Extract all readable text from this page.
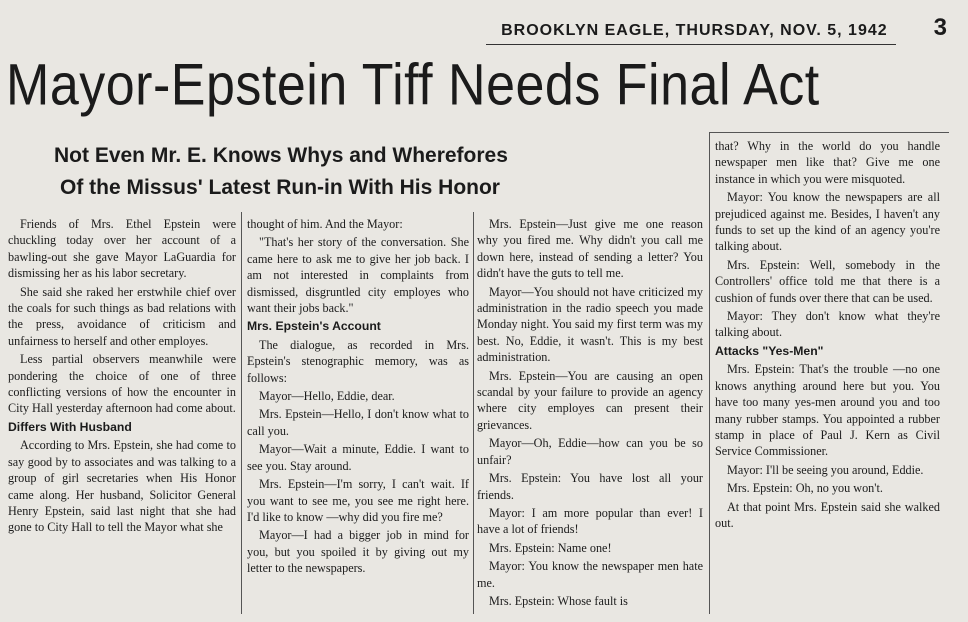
BROOKLYN EAGLE, THURSDAY, NOV. 5, 1942 3
Mayor-Epstein Tiff Needs Final Act
Not Even Mr. E. Knows Whys and Wherefores
Of the Missus' Latest Run-in With His Honor

Friends of Mrs. Ethel Epstein were chuckling today over her account of a bawling-out she gave Mayor LaGuardia for dismissing her as his labor secretary.

She said she raked her erstwhile chief over the coals for such things as bad relations with the press, avoidance of criticism and unfairness to herself and other employes.

Less partial observers meanwhile were pondering the choice of one of three conflicting versions of how the encounter in City Hall yesterday afternoon had come about.

Differs With Husband

According to Mrs. Epstein, she had come to say good by to associates and was talking to a group of girl secretaries when His Honor came along. Her husband, Solicitor General Henry Epstein, said last night that she had gone to City Hall to tell the Mayor what she

thought of him. And the Mayor:

"That's her story of the conversation. She came here to ask me to give her job back. I am not interested in complaints from dismissed, disgruntled city employes who want their jobs back."

Mrs. Epstein's Account

The dialogue, as recorded in Mrs. Epstein's stenographic memory, was as follows:

Mayor—Hello, Eddie, dear.

Mrs. Epstein—Hello, I don't know what to call you.

Mayor—Wait a minute, Eddie. I want to see you. Stay around.

Mrs. Epstein—I'm sorry, I can't wait. If you want to see me, you see me right here. I'd like to know —why did you fire me?

Mayor—I had a bigger job in mind for you, but you spoiled it by giving out my letter to the newspapers.

Mrs. Epstein—Just give me one reason why you fired me. Why didn't you call me down here, instead of sending a letter? You didn't have the guts to tell me.

Mayor—You should not have criticized my administration in the radio speech you made Monday night. You said my first term was my best. No, Eddie, it wasn't. This is my best administration.

Mrs. Epstein—You are causing an open scandal by your failure to provide an agency where city employes can present their grievances.

Mayor—Oh, Eddie—how can you be so unfair?

Mrs. Epstein: You have lost all your friends.

Mayor: I am more popular than ever! I have a lot of friends!

Mrs. Epstein: Name one!

Mayor: You know the newspaper men hate me.

Mrs. Epstein: Whose fault is

that? Why in the world do you handle newspaper men like that? Give me one instance in which you were misquoted.

Mayor: You know the newspapers are all prejudiced against me. Besides, I haven't any funds to set up the kind of an agency you're talking about.

Mrs. Epstein: Well, somebody in the Controllers' office told me that there is a cushion of funds over there that can be used.

Mayor: They don't know what they're talking about.

Attacks "Yes-Men"

Mrs. Epstein: That's the trouble —no one knows anything around here but you. You have too many yes-men around you and too many rubber stamps. You appointed a rubber stamp in place of Paul J. Kern as Civil Service Commissioner.

Mayor: I'll be seeing you around, Eddie.

Mrs. Epstein: Oh, no you won't.

At that point Mrs. Epstein said she walked out.
